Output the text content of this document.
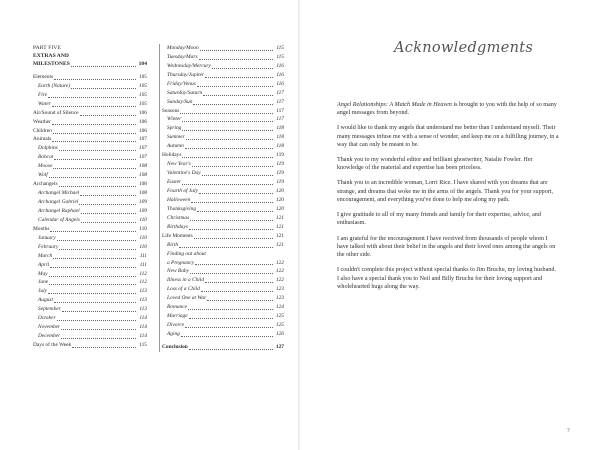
PART FIVE
EXTRAS AND
MILESTONES	104
Elements	105
Earth (Nature)	105
Fire	105
Water	105
Air/Sound of Silence	106
Weather	106
Children	106
Animals	107
Dolphins	107
Bobcat	107
Moose	108
Wolf	108
Archangels	108
Archangel Michael	108
Archangel Gabriel	109
Archangel Raphael	109
Calendar of Angels	110
Months	110
January	110
February	110
March	111
April	111
May	112
June	112
July	113
August	113
September	113
October	114
November	114
December	114
Days of the Week	115
Monday/Moon	115
Tuesday/Mars	115
Wednesday/Mercury	116
Thursday/Jupiter	116
Friday/Venus	116
Saturday/Saturn	117
Sunday/Sun	117
Seasons	117
Winter	117
Spring	118
Summer	118
Autumn	118
Holidays	119
New Year's	119
Valentine's Day	119
Easter	119
Fourth of July	120
Halloween	120
Thanksgiving	120
Christmas	121
Birthdays	121
Life Moments	121
Birth	121
Finding out about
a Pregnancy	122
New Baby	122
Illness in a Child	122
Loss of a Child	123
Loved One at War	123
Romance	124
Marriage	125
Divorce	125
Aging	126
Conclusion	127
Acknowledgments

Angel Relationships: A Match Made in Heaven is brought to you with the help of so many angel messages from beyond.

I would like to thank my angels that understand me better than I understand myself. Their many messages infuse me with a sense of wonder, and keep me on a fulfilling journey, in a way that can only be meant to be.

Thank you to my wonderful editor and brilliant ghostwriter, Natalie Fowler. Her knowledge of the material and expertise has been priceless.

Thank you to an incredible woman, Lorri Rice. I have shared with you dreams that are strange, and dreams that woke me in the arms of the angels. Thank you for your support, encouragement, and everything you've done to help me along my path.

I give gratitude to all of my many friends and family for their expertise, advice, and enthusiasm.

I am grateful for the encouragement I have received from thousands of people whom I have talked with about their belief in the angels and their loved ones among the angels on the other side.

I couldn't complete this project without special thanks to Jim Bruchu, my loving husband. I also have a special thank you to Neil and Billy Bruchu for their loving support and wholehearted hugs along the way.

7
